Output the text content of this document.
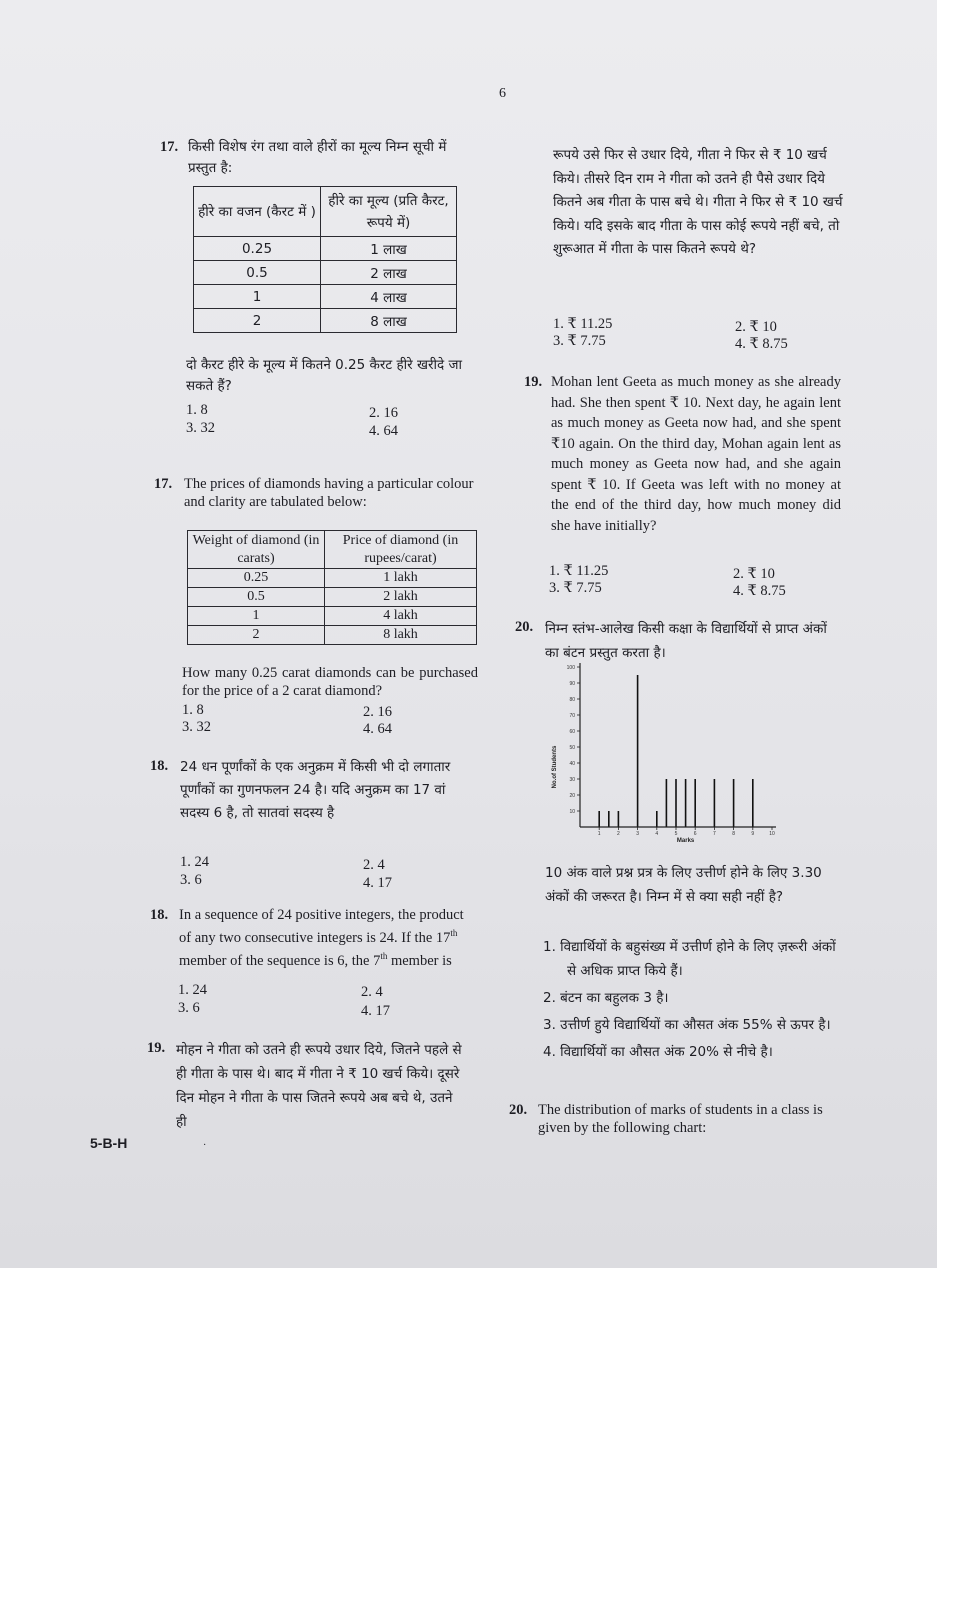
6
17. किसी विशेष रंग तथा वाले हीरों का मूल्य निम्न सूची में प्रस्तुत है:
हीरे का वजन (कैरट में )	हीरे का मूल्य (प्रति कैरट, रूपये में)
0.25	1 लाख
0.5	2 लाख
1	4 लाख
2	8 लाख
दो कैरट हीरे के मूल्य में कितने 0.25 कैरट हीरे खरीदे जा सकते हैं?
1. 8	2. 16
3. 32	4. 64
17. The prices of diamonds having a particular colour and clarity are tabulated below:
Weight of diamond (in carats)	Price of diamond (in rupees/carat)
0.25	1 lakh
0.5	2 lakh
1	4 lakh
2	8 lakh
How many 0.25 carat diamonds can be purchased for the price of a 2 carat diamond?
1. 8	2. 16
3. 32	4. 64
18. 24 धन पूर्णांकों के एक अनुक्रम में किसी भी दो लगातार पूर्णांकों का गुणनफलन 24 है। यदि अनुक्रम का 17 वां सदस्य 6 है, तो सातवां सदस्य है
1. 24	2. 4
3. 6	4. 17
18. In a sequence of 24 positive integers, the product of any two consecutive integers is 24. If the 17th member of the sequence is 6, the 7th member is
1. 24	2. 4
3. 6	4. 17
19. मोहन ने गीता को उतने ही रूपये उधार दिये, जितने पहले से ही गीता के पास थे। बाद में गीता ने ₹ 10 खर्च किये। दूसरे दिन मोहन ने गीता के पास जितने रूपये अब बचे थे, उतने ही
5-B-H	·
रूपये उसे फिर से उधार दिये, गीता ने फिर से ₹ 10 खर्च किये। तीसरे दिन राम ने गीता को उतने ही पैसे उधार दिये कितने अब गीता के पास बचे थे। गीता ने फिर से ₹ 10 खर्च किये। यदि इसके बाद गीता के पास कोई रूपये नहीं बचे, तो शुरूआत में गीता के पास कितने रूपये थे?
1. ₹ 11.25	2. ₹ 10
3. ₹ 7.75	4. ₹ 8.75
19. Mohan lent Geeta as much money as she already had. She then spent ₹ 10. Next day, he again lent as much money as Geeta now had, and she spent ₹10 again. On the third day, Mohan again lent as much money as Geeta now had, and she again spent ₹ 10. If Geeta was left with no money at the end of the third day, how much money did she have initially?
1. ₹ 11.25	2. ₹ 10
3. ₹ 7.75	4. ₹ 8.75
20. निम्न स्तंभ-आलेख किसी कक्षा के विद्यार्थियों से प्राप्त अंकों का बंटन प्रस्तुत करता है।
100
90
80
70
60
50
40
30
20
10
1	2	3	4	5	6	7	8	9	10
No.of Students
Marks
10 अंक वाले प्रश्न प्रत्र के लिए उत्तीर्ण होने के लिए 3.30 अंकों की जरूरत है। निम्न में से क्या सही नहीं है?
1. विद्यार्थियों के बहुसंख्य में उत्तीर्ण होने के लिए ज़रूरी अंकों से अधिक प्राप्त किये हैं।
2. बंटन का बहुलक 3 है।
3. उत्तीर्ण हुये विद्यार्थियों का औसत अंक 55% से ऊपर है।
4. विद्यार्थियों का औसत अंक 20% से नीचे है।
20. The distribution of marks of students in a class is given by the following chart:
